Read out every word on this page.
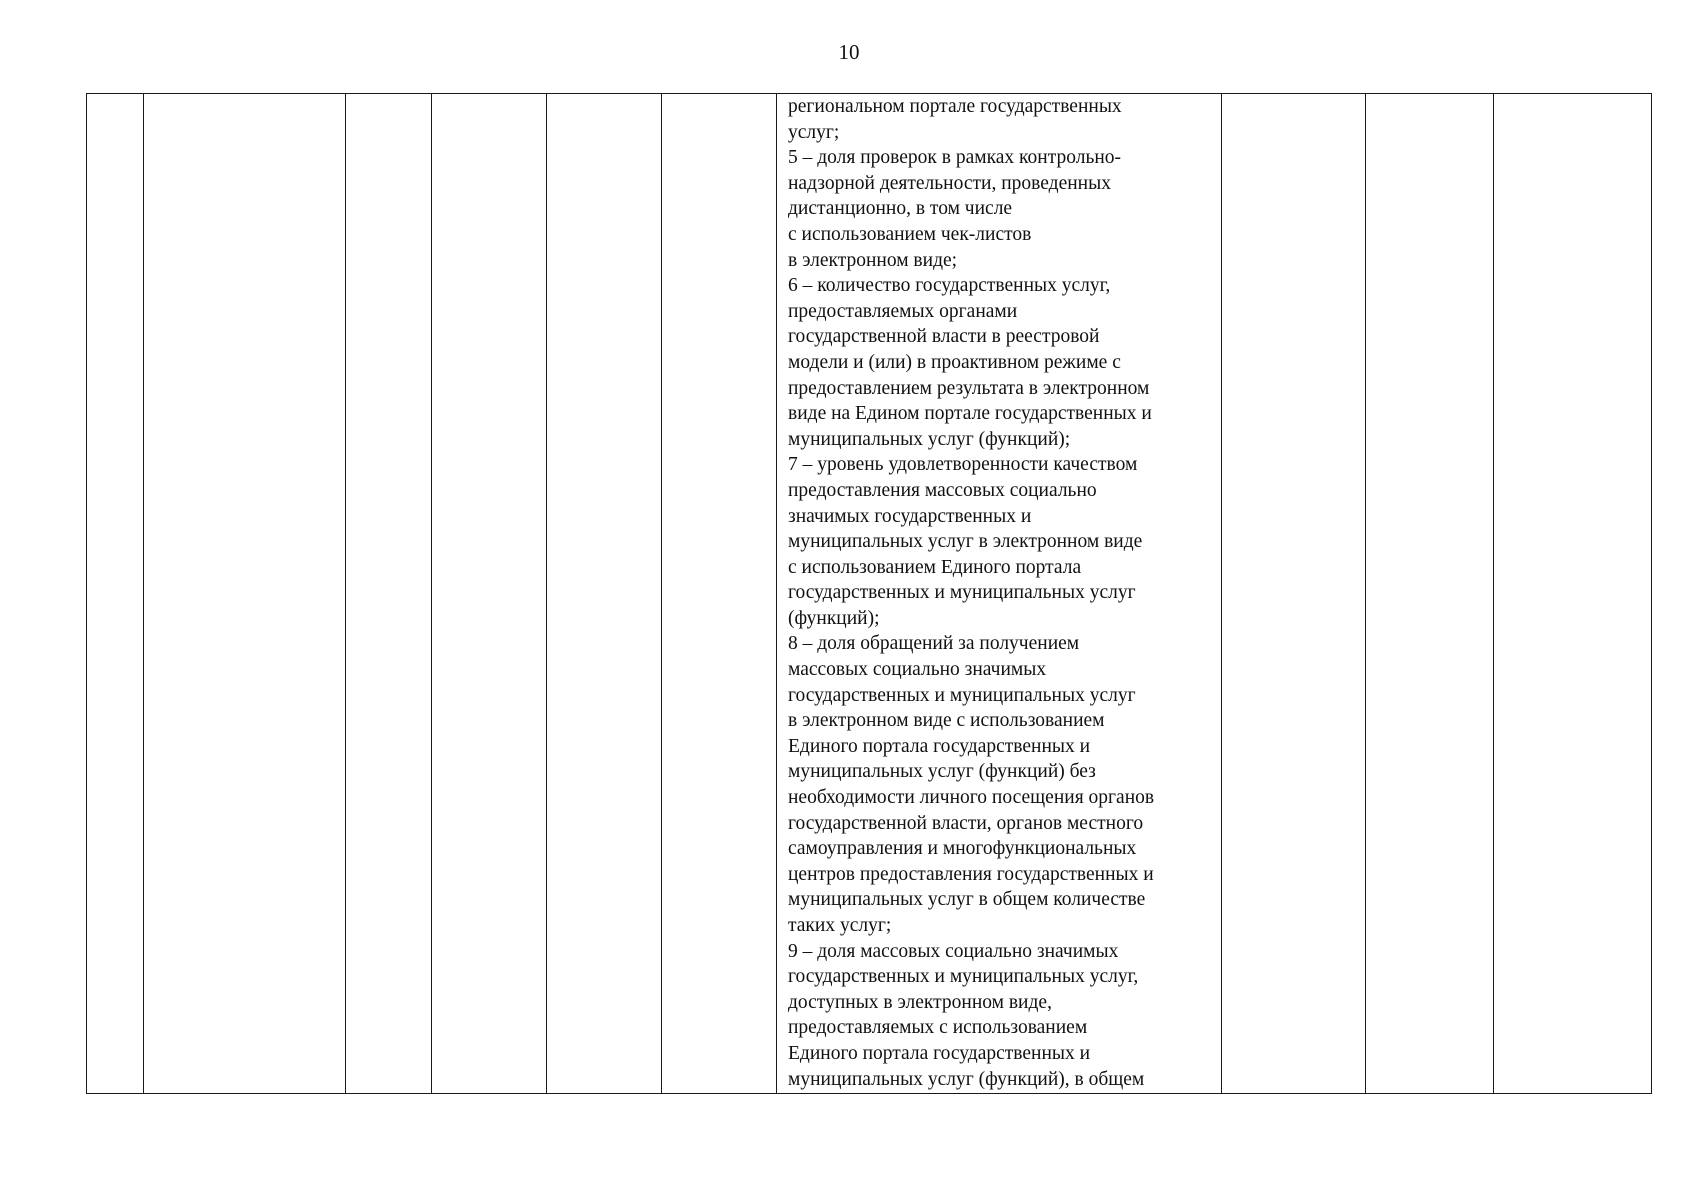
10

региональном портале государственных
услуг;
5 – доля проверок в рамках контрольно-
надзорной деятельности, проведенных
дистанционно, в том числе
с использованием чек-листов
в электронном виде;
6 – количество государственных услуг,
предоставляемых органами
государственной власти в реестровой
модели и (или) в проактивном режиме с
предоставлением результата в электронном
виде на Едином портале государственных и
муниципальных услуг (функций);
7 – уровень удовлетворенности качеством
предоставления массовых социально
значимых государственных и
муниципальных услуг в электронном виде
с использованием Единого портала
государственных и муниципальных услуг
(функций);
8 – доля обращений за получением
массовых социально значимых
государственных и муниципальных услуг
в электронном виде с использованием
Единого портала государственных и
муниципальных услуг (функций) без
необходимости личного посещения органов
государственной власти, органов местного
самоуправления и многофункциональных
центров предоставления государственных и
муниципальных услуг в общем количестве
таких услуг;
9 – доля массовых социально значимых
государственных и муниципальных услуг,
доступных в электронном виде,
предоставляемых с использованием
Единого портала государственных и
муниципальных услуг (функций), в общем
